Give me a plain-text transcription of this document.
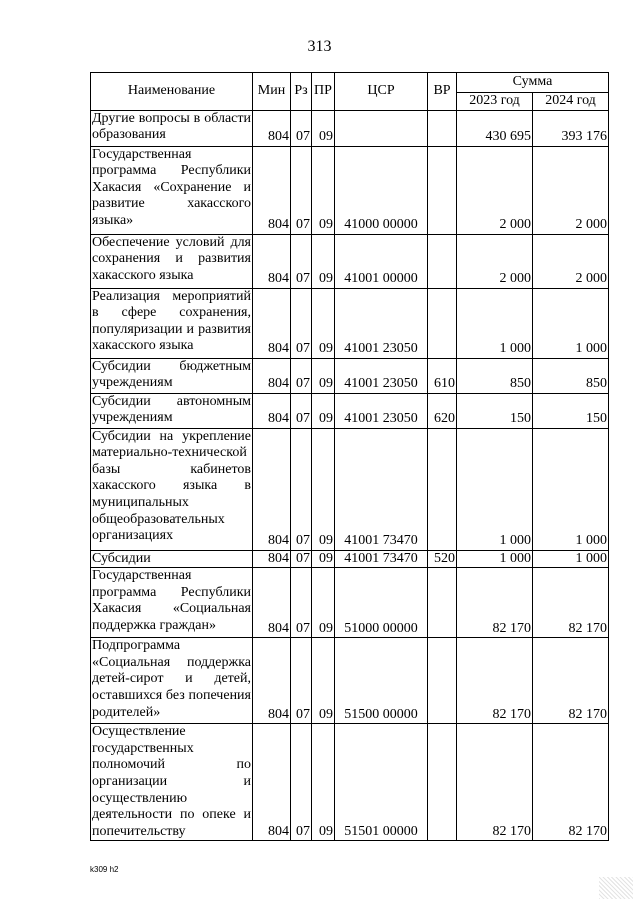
313
Наименование	Мин	Рз	ПР	ЦСР	ВР	Сумма	
						2023 год	2024 год
Другие вопросы в области образования	804	07	09			430 695	393 176
Государственная программа Республики Хакасия «Сохранение и развитие хакасского языка»	804	07	09	41000 00000		2 000	2 000
Обеспечение условий для сохранения и развития хакасского языка	804	07	09	41001 00000		2 000	2 000
Реализация мероприятий в сфере сохранения, популяризации и развития хакасского языка	804	07	09	41001 23050		1 000	1 000
Субсидии бюджетным учреждениям	804	07	09	41001 23050	610	850	850
Субсидии автономным учреждениям	804	07	09	41001 23050	620	150	150
Субсидии на укрепление материально-технической базы кабинетов хакасского языка в муниципальных общеобразовательных организациях	804	07	09	41001 73470		1 000	1 000
Субсидии	804	07	09	41001 73470	520	1 000	1 000
Государственная программа Республики Хакасия «Социальная поддержка граждан»	804	07	09	51000 00000		82 170	82 170
Подпрограмма «Социальная поддержка детей-сирот и детей, оставшихся без попечения родителей»	804	07	09	51500 00000		82 170	82 170
Осуществление государственных полномочий по организации и осуществлению деятельности по опеке и попечительству	804	07	09	51501 00000		82 170	82 170
k309 h2
